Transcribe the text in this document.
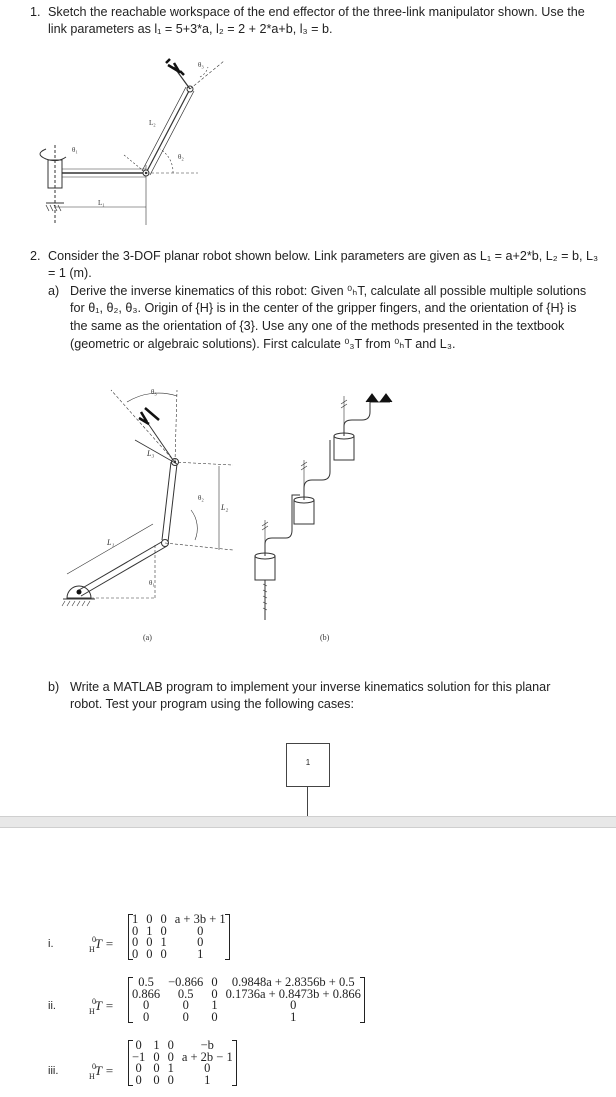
1. Sketch the reachable workspace of the end effector of the three-link manipulator shown. Use the
link parameters as l₁ = 5+3*a, l₂ = 2 + 2*a+b, l₃ = b.
θ₁
L₁
L₂
θ₂
θ₃
2. Consider the 3-DOF planar robot shown below. Link parameters are given as L₁ = a+2*b, L₂ = b, L₃
= 1 (m).
a) Derive the inverse kinematics of this robot: Given ⁰ₕT, calculate all possible multiple solutions
for θ₁, θ₂, θ₃. Origin of {H} is in the center of the gripper fingers, and the orientation of {H} is
the same as the orientation of {3}. Use any one of the methods presented in the textbook
(geometric or algebraic solutions). First calculate ⁰₃T from ⁰ₕT and L₃.
L₁
θ₁
L₂
θ₂
L₃
θ₃
(a)	(b)
b) Write a MATLAB program to implement your inverse kinematics solution for this planar
robot. Test your program using the following cases:
1
i.	$^0_H$T =
1	0	0	a + 3b + 1
0	1	0	0
0	0	1	0
0	0	0	1
ii.	$^0_H$T =
0.5	−0.866	0	0.9848a + 2.8356b + 0.5
0.866	0.5	0	0.1736a + 0.8473b + 0.866
0	0	1	0
0	0	0	1
iii.	$^0_H$T =
0	1	0	−b
−1	0	0	a + 2b − 1
0	0	1	0
0	0	0	1
